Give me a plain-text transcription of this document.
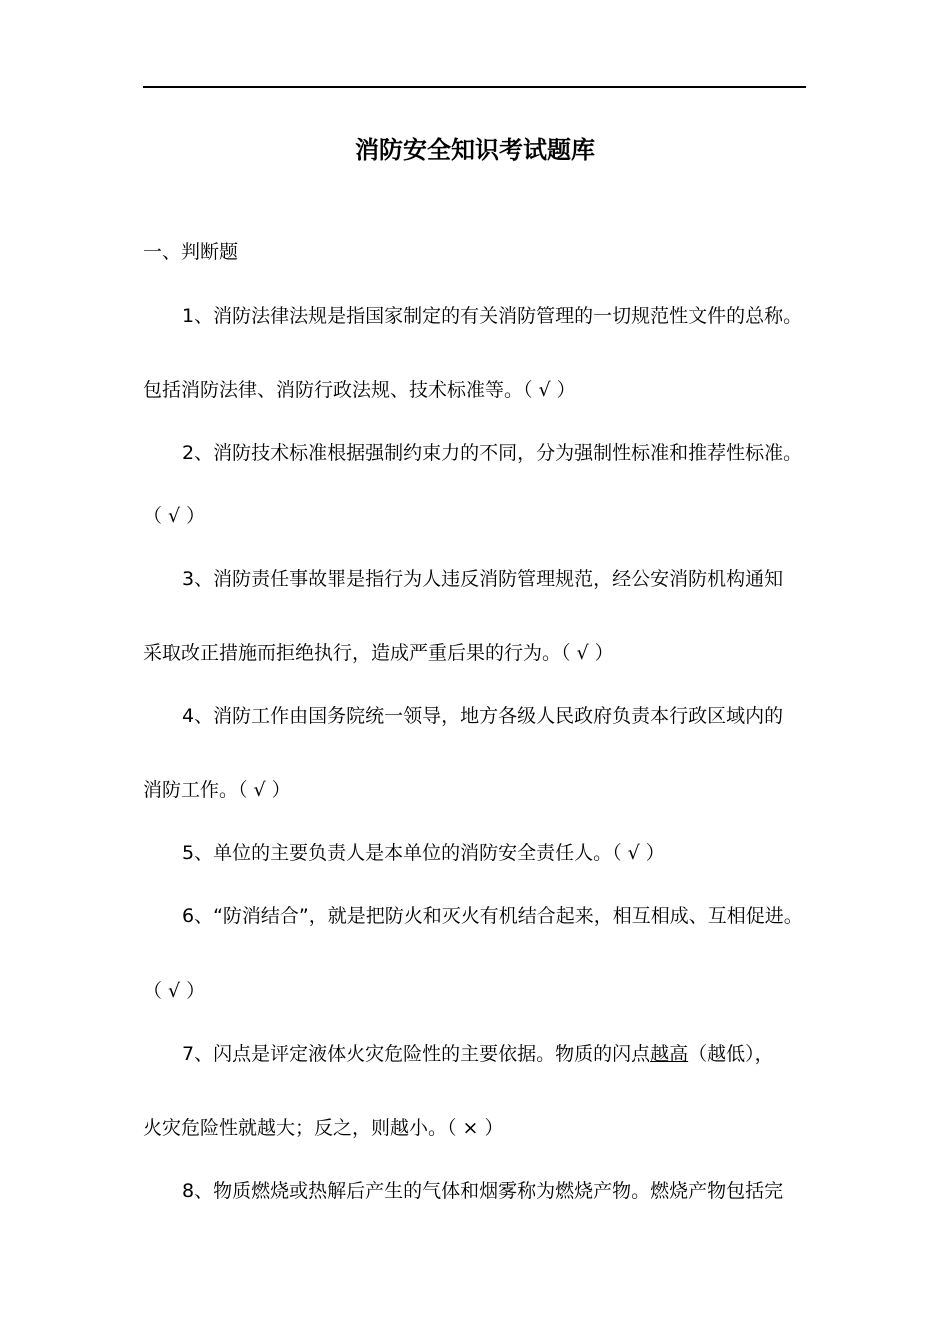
消防安全知识考试题库

一、判断题

1、消防法律法规是指国家制定的有关消防管理的一切规范性文件的总称。

包括消防法律、消防行政法规、技术标准等。（ √ ）

2、消防技术标准根据强制约束力的不同，分为强制性标准和推荐性标准。

（ √ ）

3、消防责任事故罪是指行为人违反消防管理规范，经公安消防机构通知

采取改正措施而拒绝执行，造成严重后果的行为。（ √ ）

4、消防工作由国务院统一领导，地方各级人民政府负责本行政区域内的

消防工作。（ √ ）

5、单位的主要负责人是本单位的消防安全责任人。（ √ ）

6、“防消结合”，就是把防火和灭火有机结合起来，相互相成、互相促进。

（ √ ）

7、闪点是评定液体火灾危险性的主要依据。物质的闪点越高（越低），

火灾危险性就越大；反之，则越小。（ × ）

8、物质燃烧或热解后产生的气体和烟雾称为燃烧产物。燃烧产物包括完
